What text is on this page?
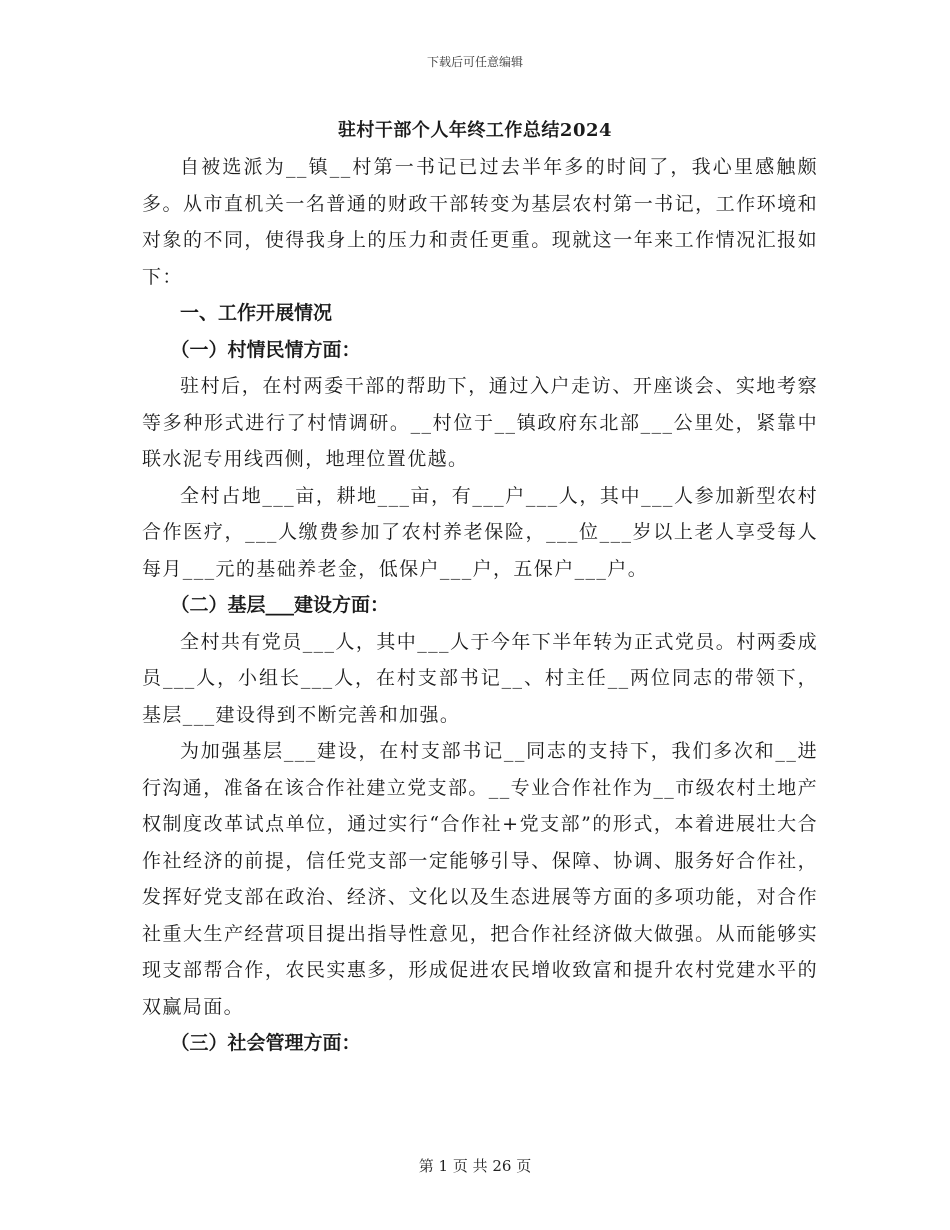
下载后可任意编辑
驻村干部个人年终工作总结2024

自被选派为__镇__村第一书记已过去半年多的时间了，我心里感触颇多。从市直机关一名普通的财政干部转变为基层农村第一书记，工作环境和对象的不同，使得我身上的压力和责任更重。现就这一年来工作情况汇报如下：

一、工作开展情况

（一）村情民情方面：

驻村后，在村两委干部的帮助下，通过入户走访、开座谈会、实地考察等多种形式进行了村情调研。__村位于__镇政府东北部___公里处，紧靠中联水泥专用线西侧，地理位置优越。

全村占地___亩，耕地___亩，有___户___人，其中___人参加新型农村合作医疗，___人缴费参加了农村养老保险，___位___岁以上老人享受每人每月___元的基础养老金，低保户___户，五保户___户。

（二）基层___建设方面：

全村共有党员___人，其中___人于今年下半年转为正式党员。村两委成员___人，小组长___人，在村支部书记__、村主任__两位同志的带领下，基层___建设得到不断完善和加强。

为加强基层___建设，在村支部书记__同志的支持下，我们多次和__进行沟通，准备在该合作社建立党支部。__专业合作社作为__市级农村土地产权制度改革试点单位，通过实行“合作社+党支部”的形式，本着进展壮大合作社经济的前提，信任党支部一定能够引导、保障、协调、服务好合作社，发挥好党支部在政治、经济、文化以及生态进展等方面的多项功能，对合作社重大生产经营项目提出指导性意见，把合作社经济做大做强。从而能够实现支部帮合作，农民实惠多，形成促进农民增收致富和提升农村党建水平的双赢局面。

（三）社会管理方面：

第 1 页 共 26 页
